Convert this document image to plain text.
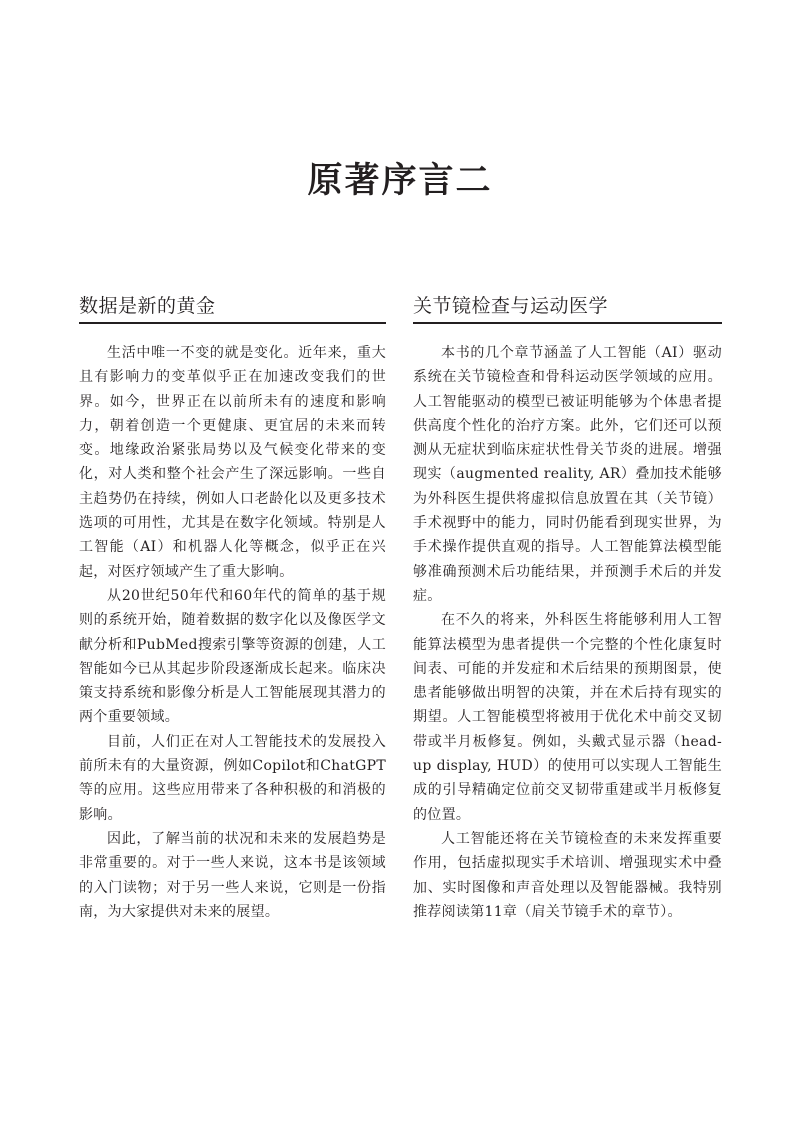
原著序言二
数据是新的黄金

生活中唯一不变的就是变化。近年来，重大且有影响力的变革似乎正在加速改变我们的世界。如今，世界正在以前所未有的速度和影响力，朝着创造一个更健康、更宜居的未来而转变。地缘政治紧张局势以及气候变化带来的变化，对人类和整个社会产生了深远影响。一些自主趋势仍在持续，例如人口老龄化以及更多技术选项的可用性，尤其是在数字化领域。特别是人工智能（AI）和机器人化等概念，似乎正在兴起，对医疗领域产生了重大影响。

从20世纪50年代和60年代的简单的基于规则的系统开始，随着数据的数字化以及像医学文献分析和PubMed搜索引擎等资源的创建，人工智能如今已从其起步阶段逐渐成长起来。临床决策支持系统和影像分析是人工智能展现其潜力的两个重要领域。

目前，人们正在对人工智能技术的发展投入前所未有的大量资源，例如Copilot和ChatGPT等的应用。这些应用带来了各种积极的和消极的影响。

因此，了解当前的状况和未来的发展趋势是非常重要的。对于一些人来说，这本书是该领域的入门读物；对于另一些人来说，它则是一份指南，为大家提供对未来的展望。

关节镜检查与运动医学

本书的几个章节涵盖了人工智能（AI）驱动系统在关节镜检查和骨科运动医学领域的应用。人工智能驱动的模型已被证明能够为个体患者提供高度个性化的治疗方案。此外，它们还可以预测从无症状到临床症状性骨关节炎的进展。增强现实（augmented reality, AR）叠加技术能够为外科医生提供将虚拟信息放置在其（关节镜）手术视野中的能力，同时仍能看到现实世界，为手术操作提供直观的指导。人工智能算法模型能够准确预测术后功能结果，并预测手术后的并发症。

在不久的将来，外科医生将能够利用人工智能算法模型为患者提供一个完整的个性化康复时间表、可能的并发症和术后结果的预期图景，使患者能够做出明智的决策，并在术后持有现实的期望。人工智能模型将被用于优化术中前交叉韧带或半月板修复。例如，头戴式显示器（head-up display, HUD）的使用可以实现人工智能生成的引导精确定位前交叉韧带重建或半月板修复的位置。

人工智能还将在关节镜检查的未来发挥重要作用，包括虚拟现实手术培训、增强现实术中叠加、实时图像和声音处理以及智能器械。我特别推荐阅读第11章（肩关节镜手术的章节）。
